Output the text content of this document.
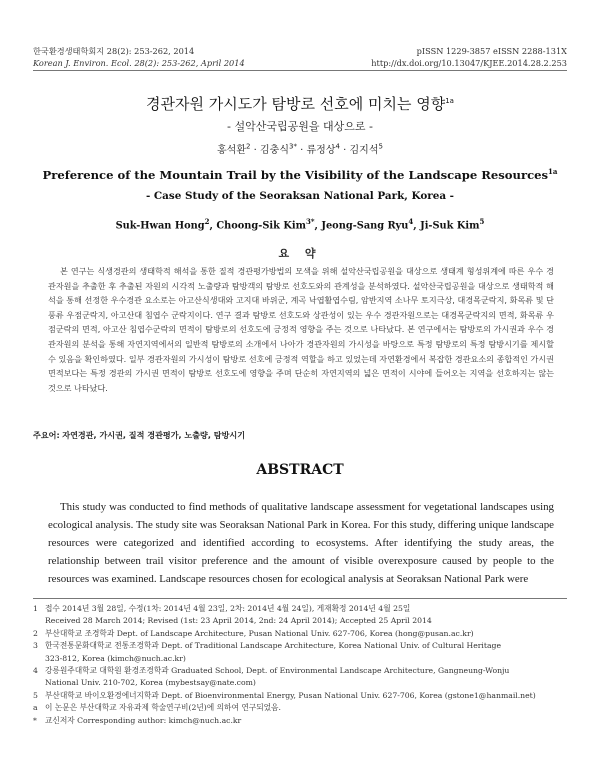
한국환경생태학회지 28(2): 253-262, 2014
Korean J. Environ. Ecol. 28(2): 253-262, April 2014
pISSN 1229-3857 eISSN 2288-131X
http://dx.doi.org/10.13047/KJEE.2014.28.2.253
경관자원 가시도가 탐방로 선호에 미치는 영향$^{1a}$
- 설악산국립공원을 대상으로 -
홍석환$^2$ · 김충식$^{3*}$ · 류정상$^4$ · 김지석$^5$
Preference of the Mountain Trail by the Visibility of the Landscape Resources$^{1a}$
- Case Study of the Seoraksan National Park, Korea -
Suk-Hwan Hong$^2$, Choong-Sik Kim$^{3*}$, Jeong-Sang Ryu$^4$, Ji-Suk Kim$^5$
요 약

본 연구는 식생경관의 생태학적 해석을 통한 질적 경관평가방법의 모색을 위해 설악산국립공원을 대상으로 생태계 형성위계에 따른 우수 경관자원을 추출한 후 추출된 자원의 시각적 노출량과 탐방객의 탐방로 선호도와의 관계성을 분석하였다. 설악산국립공원을 대상으로 생태학적 해석을 통해 선정한 우수경관 요소로는 아고산식생대와 고지대 바위군, 계곡 낙엽활엽수림, 암반지역 소나무 토지극상, 대경목군락지, 화목류 및 단풍류 우점군락지, 아고산대 침엽수 군락지이다. 연구 결과 탐방로 선호도와 상관성이 있는 우수 경관자원으로는 대경목군락지의 면적, 화목류 우점군락의 면적, 아고산 침엽수군락의 면적이 탐방로의 선호도에 긍정적 영향을 주는 것으로 나타났다. 본 연구에서는 탐방로의 가시권과 우수 경관자원의 분석을 통해 자연지역에서의 일반적 탐방로의 소개에서 나아가 경관자원의 가시성을 바탕으로 특정 탐방로의 특정 탐방시기를 제시할 수 있음을 확인하였다. 일부 경관자원의 가시성이 탐방로 선호에 긍정적 역할을 하고 있었는데 자연환경에서 복잡한 경관요소의 종합적인 가시권 면적보다는 특정 경관의 가시권 면적이 탐방로 선호도에 영향을 주며 단순히 자연지역의 넓은 면적이 시야에 들어오는 지역을 선호하지는 않는 것으로 나타났다.

주요어: 자연경관, 가시권, 질적 경관평가, 노출량, 탐방시기
ABSTRACT

This study was conducted to find methods of qualitative landscape assessment for vegetational landscapes using ecological analysis. The study site was Seoraksan National Park in Korea. For this study, differing unique landscape resources were categorized and identified according to ecosystems. After identifying the study areas, the relationship between trail visitor preference and the amount of visible overexposure caused by people to the resources was examined. Landscape resources chosen for ecological analysis at Seoraksan National Park were

1 접수 2014년 3월 28일, 수정(1차: 2014년 4월 23일, 2차: 2014년 4월 24일), 게재확정 2014년 4월 25일
Received 28 March 2014; Revised (1st: 23 April 2014, 2nd: 24 April 2014); Accepted 25 April 2014
2 부산대학교 조경학과 Dept. of Landscape Architecture, Pusan National Univ. 627-706, Korea (hong@pusan.ac.kr)
3 한국전통문화대학교 전통조경학과 Dept. of Traditional Landscape Architecture, Korea National Univ. of Cultural Heritage
323-812, Korea (kimch@nuch.ac.kr)
4 강릉원주대학교 대학원 환경조경학과 Graduated School, Dept. of Environmental Landscape Architecture, Gangneung-Wonju
National Univ. 210-702, Korea (mybestsay@nate.com)
5 부산대학교 바이오환경에너지학과 Dept. of Bioenvironmental Energy, Pusan National Univ. 627-706, Korea (gstone1@hanmail.net)
a 이 논문은 부산대학교 자유과제 학술연구비(2년)에 의하여 연구되었음.
* 교신저자 Corresponding author: kimch@nuch.ac.kr
